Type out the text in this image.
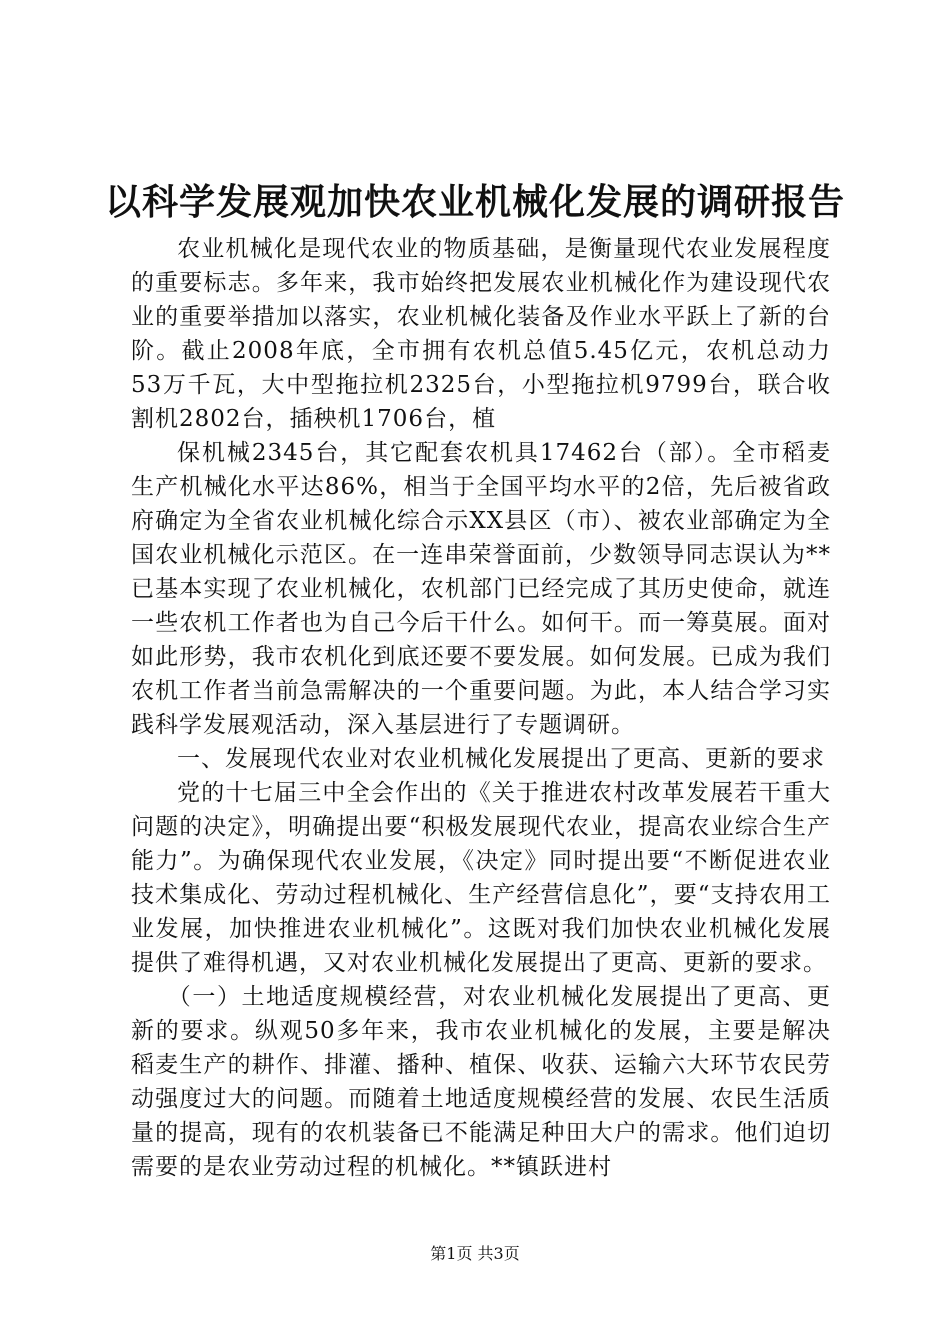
以科学发展观加快农业机械化发展的调研报告

农业机械化是现代农业的物质基础，是衡量现代农业发展程度的重要标志。多年来，我市始终把发展农业机械化作为建设现代农业的重要举措加以落实，农业机械化装备及作业水平跃上了新的台阶。截止2008年底，全市拥有农机总值5.45亿元，农机总动力53万千瓦，大中型拖拉机2325台，小型拖拉机9799台，联合收割机2802台，插秧机1706台，植

保机械2345台，其它配套农机具17462台（部）。全市稻麦生产机械化水平达86%，相当于全国平均水平的2倍，先后被省政府确定为全省农业机械化综合示XX县区（市）、被农业部确定为全国农业机械化示范区。在一连串荣誉面前，少数领导同志误认为**已基本实现了农业机械化，农机部门已经完成了其历史使命，就连一些农机工作者也为自己今后干什么。如何干。而一筹莫展。面对如此形势，我市农机化到底还要不要发展。如何发展。已成为我们农机工作者当前急需解决的一个重要问题。为此，本人结合学习实践科学发展观活动，深入基层进行了专题调研。

一、发展现代农业对农业机械化发展提出了更高、更新的要求

党的十七届三中全会作出的《关于推进农村改革发展若干重大问题的决定》，明确提出要“积极发展现代农业，提高农业综合生产能力”。为确保现代农业发展，《决定》同时提出要“不断促进农业技术集成化、劳动过程机械化、生产经营信息化”，要“支持农用工业发展，加快推进农业机械化”。这既对我们加快农业机械化发展提供了难得机遇，又对农业机械化发展提出了更高、更新的要求。

（一）土地适度规模经营，对农业机械化发展提出了更高、更新的要求。纵观50多年来，我市农业机械化的发展，主要是解决稻麦生产的耕作、排灌、播种、植保、收获、运输六大环节农民劳动强度过大的问题。而随着土地适度规模经营的发展、农民生活质量的提高，现有的农机装备已不能满足种田大户的需求。他们迫切需要的是农业劳动过程的机械化。**镇跃进村

第1页 共3页
